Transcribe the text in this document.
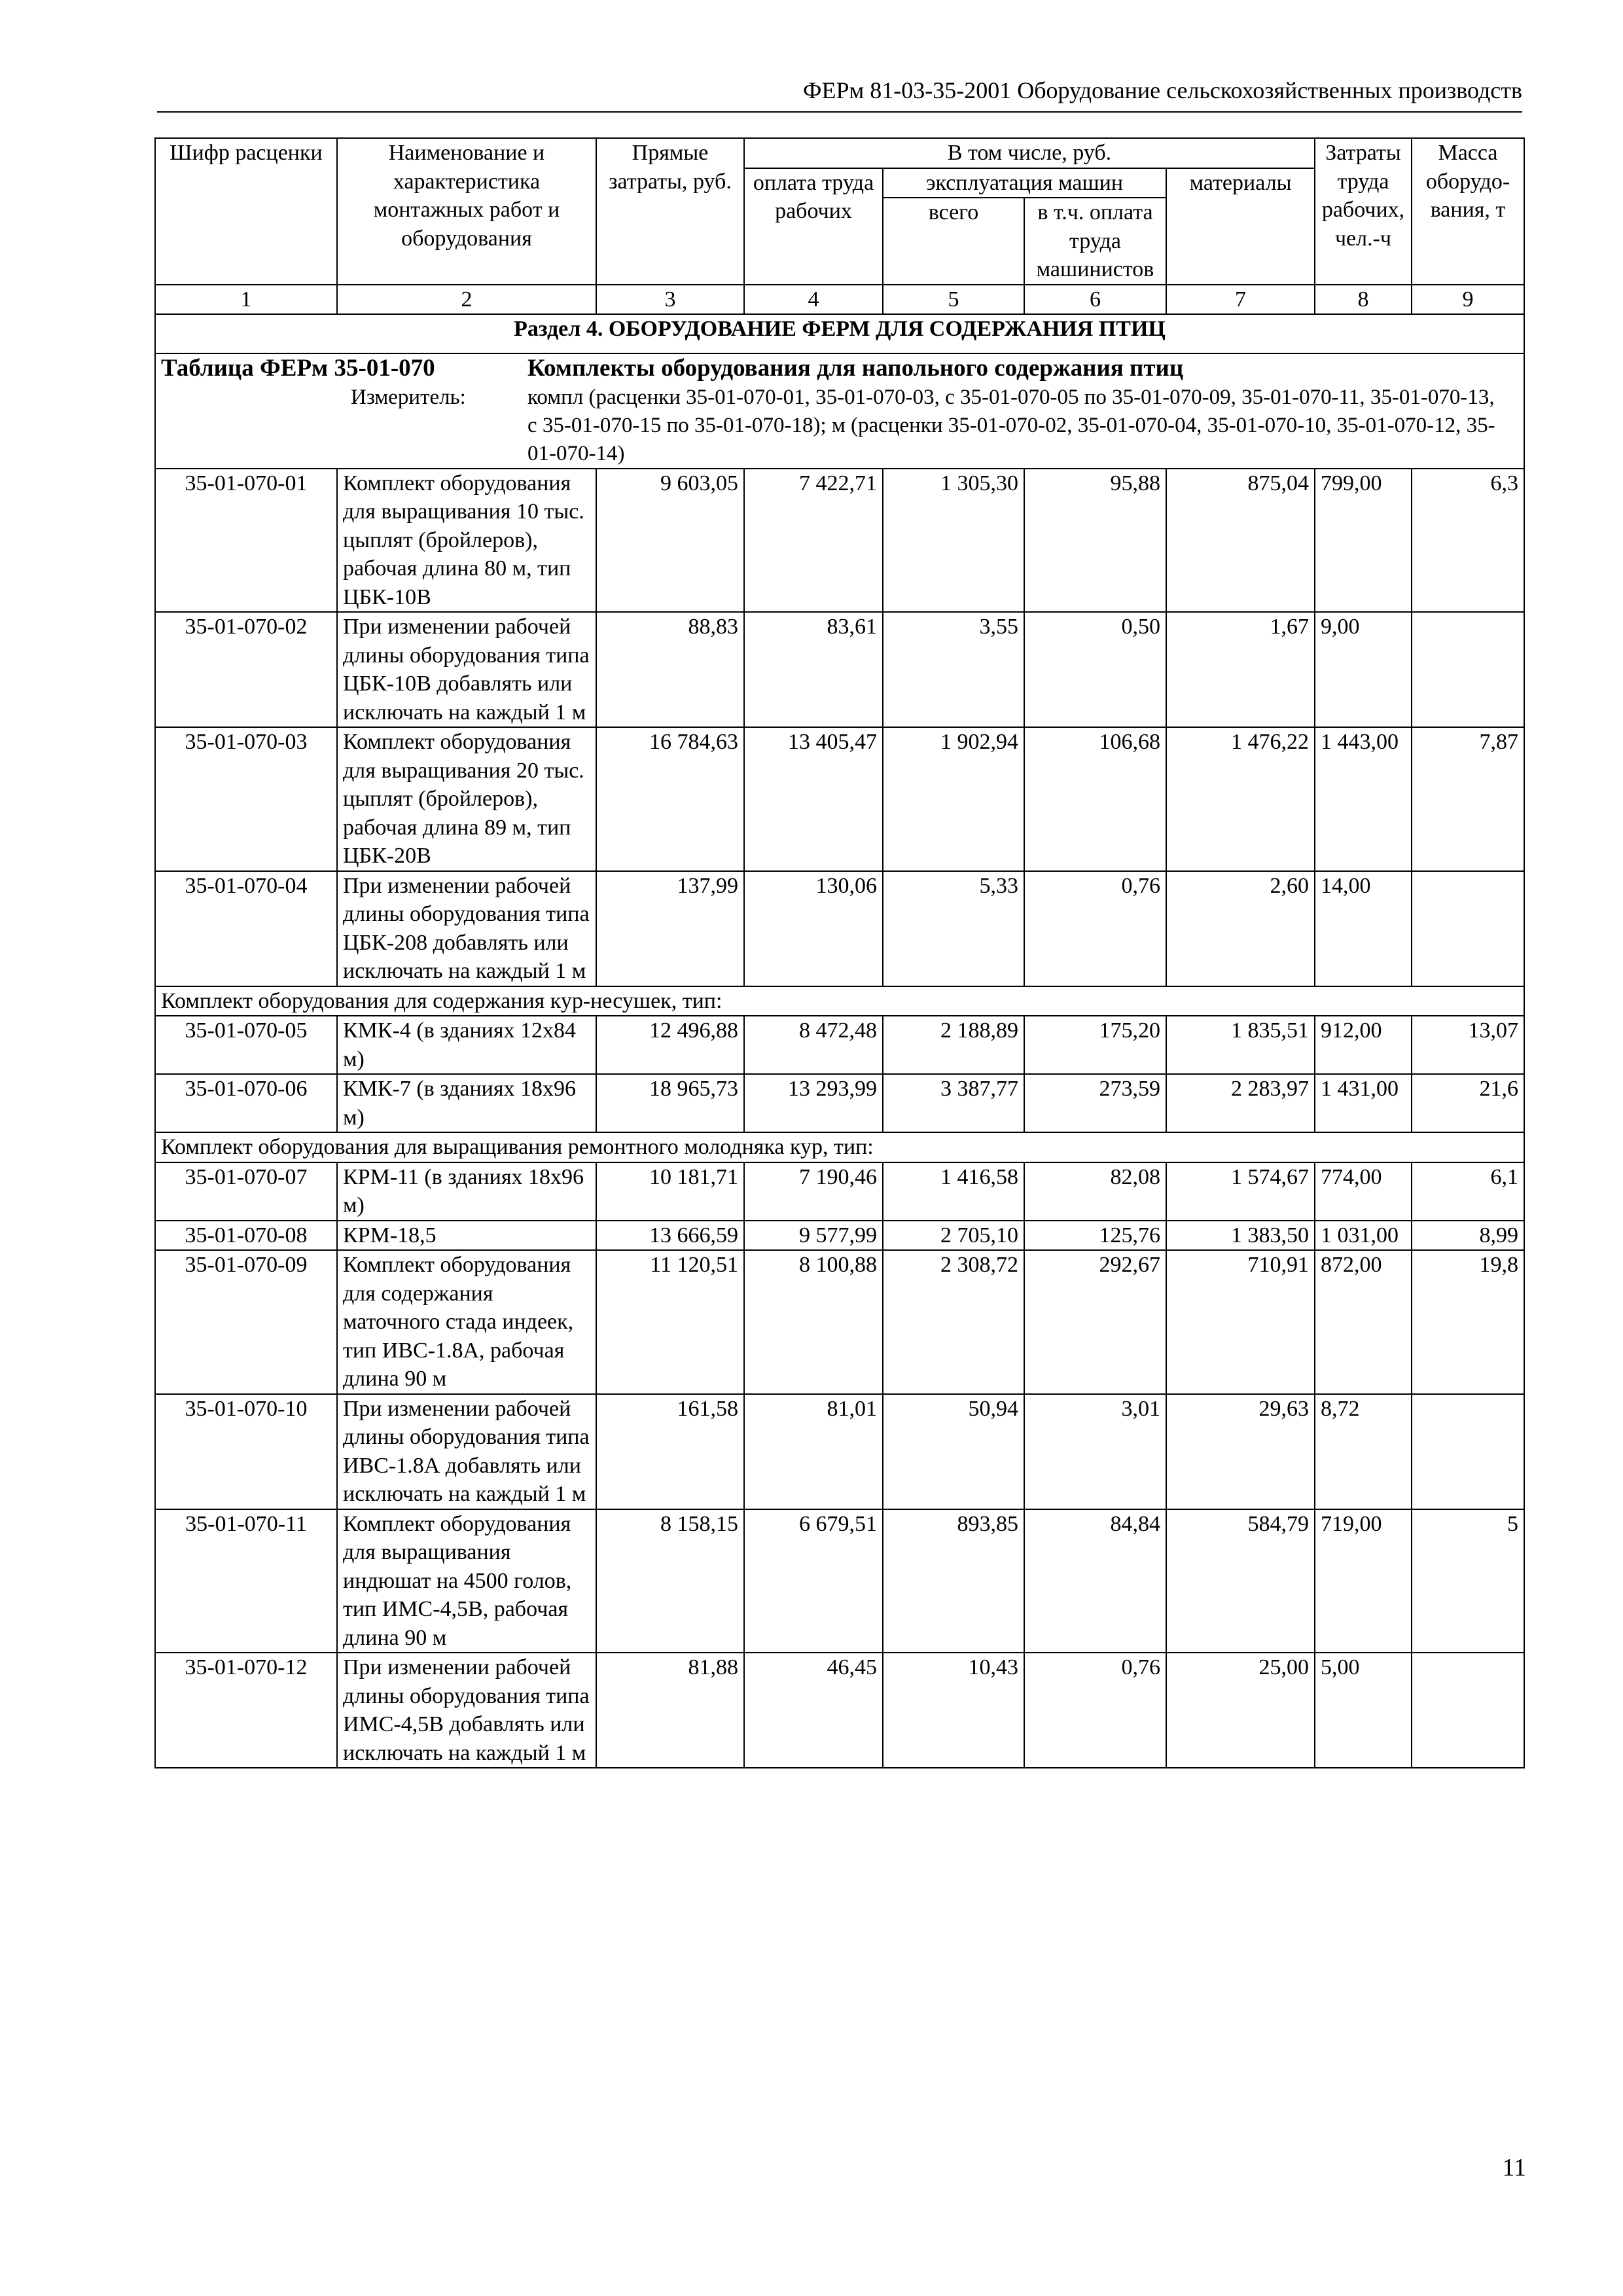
ФЕРм 81-03-35-2001 Оборудование сельскохозяйственных производств
Шифр расценки	Наименование и характеристика монтажных работ и оборудования	Прямые затраты, руб.	В том числе, руб.				Затраты труда рабочих, чел.-ч	Масса оборудо-вания, т
			оплата труда рабочих	эксплуатация машин		материалы		
				всего	в т.ч. оплата труда машинистов			
1	2	3	4	5	6	7	8	9
Раздел 4. ОБОРУДОВАНИЕ ФЕРМ ДЛЯ СОДЕРЖАНИЯ ПТИЦ								

Таблица ФЕРм 35-01-070 Комплекты оборудования для напольного содержания птиц
Измеритель: компл (расценки 35-01-070-01, 35-01-070-03, с 35-01-070-05 по 35-01-070-09, 35-01-070-11, 35-01-070-13, с 35-01-070-15 по 35-01-070-18); м (расценки 35-01-070-02, 35-01-070-04, 35-01-070-10, 35-01-070-12, 35-01-070-14)								

35-01-070-01	Комплект оборудования для выращивания 10 тыс. цыплят (бройлеров), рабочая длина 80 м, тип ЦБК-10В	9 603,05	7 422,71	1 305,30	95,88	875,04	799,00	6,3
35-01-070-02	При изменении рабочей длины оборудования типа ЦБК-10В добавлять или исключать на каждый 1 м	88,83	83,61	3,55	0,50	1,67	9,00	
35-01-070-03	Комплект оборудования для выращивания 20 тыс. цыплят (бройлеров), рабочая длина 89 м, тип ЦБК-20В	16 784,63	13 405,47	1 902,94	106,68	1 476,22	1 443,00	7,87
35-01-070-04	При изменении рабочей длины оборудования типа ЦБК-208 добавлять или исключать на каждый 1 м	137,99	130,06	5,33	0,76	2,60	14,00	
Комплект оборудования для содержания кур-несушек, тип:								
35-01-070-05	КМК-4 (в зданиях 12х84 м)	12 496,88	8 472,48	2 188,89	175,20	1 835,51	912,00	13,07
35-01-070-06	КМК-7 (в зданиях 18х96 м)	18 965,73	13 293,99	3 387,77	273,59	2 283,97	1 431,00	21,6
Комплект оборудования для выращивания ремонтного молодняка кур, тип:								
35-01-070-07	КРМ-11 (в зданиях 18х96 м)	10 181,71	7 190,46	1 416,58	82,08	1 574,67	774,00	6,1
35-01-070-08	КРМ-18,5	13 666,59	9 577,99	2 705,10	125,76	1 383,50	1 031,00	8,99
35-01-070-09	Комплект оборудования для содержания маточного стада индеек, тип ИВС-1.8А, рабочая длина 90 м	11 120,51	8 100,88	2 308,72	292,67	710,91	872,00	19,8
35-01-070-10	При изменении рабочей длины оборудования типа ИВС-1.8А добавлять или исключать на каждый 1 м	161,58	81,01	50,94	3,01	29,63	8,72	
35-01-070-11	Комплект оборудования для выращивания индюшат на 4500 голов, тип ИМС-4,5В, рабочая длина 90 м	8 158,15	6 679,51	893,85	84,84	584,79	719,00	5
35-01-070-12	При изменении рабочей длины оборудования типа ИМС-4,5В добавлять или исключать на каждый 1 м	81,88	46,45	10,43	0,76	25,00	5,00	
11
